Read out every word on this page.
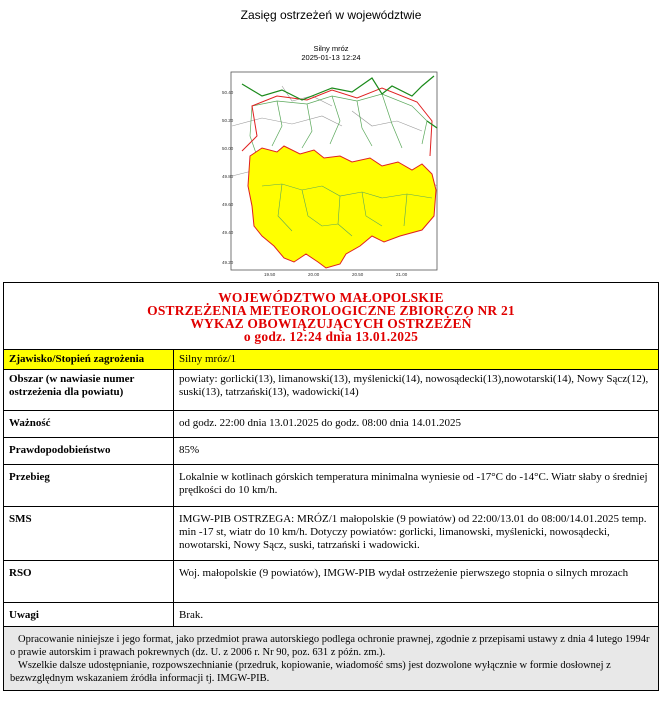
Zasięg ostrzeżeń w województwie
Silny mróz
2025-01-13 12:24
50.40
50.20
50.00
49.80
49.60
49.40
49.20
19.50	20.00	20.50	21.00
WOJEWÓDZTWO MAŁOPOLSKIE
OSTRZEŻENIA METEOROLOGICZNE ZBIORCZO NR 21
WYKAZ OBOWIĄZUJĄCYCH OSTRZEŻEŃ
o godz. 12:24 dnia 13.01.2025	

Zjawisko/Stopień zagrożenia	Silny mróz/1
Obszar (w nawiasie numer ostrzeżenia dla powiatu)	powiaty: gorlicki(13), limanowski(13), myślenicki(14), nowosądecki(13),nowotarski(14), Nowy Sącz(12), suski(13), tatrzański(13), wadowicki(14)
Ważność	od godz. 22:00 dnia 13.01.2025 do godz. 08:00 dnia 14.01.2025
Prawdopodobieństwo	85%
Przebieg	Lokalnie w kotlinach górskich temperatura minimalna wyniesie od -17°C do -14°C. Wiatr słaby o średniej prędkości do 10 km/h.
SMS	IMGW-PIB OSTRZEGA: MRÓZ/1 małopolskie (9 powiatów) od 22:00/13.01 do 08:00/14.01.2025 temp. min -17 st, wiatr do 10 km/h. Dotyczy powiatów: gorlicki, limanowski, myślenicki, nowosądecki, nowotarski, Nowy Sącz, suski, tatrzański i wadowicki.
RSO	Woj. małopolskie (9 powiatów), IMGW-PIB wydał ostrzeżenie pierwszego stopnia o silnych mrozach
Uwagi	Brak.

Opracowanie niniejsze i jego format, jako przedmiot prawa autorskiego podlega ochronie prawnej, zgodnie z przepisami ustawy z dnia 4 lutego 1994r o prawie autorskim i prawach pokrewnych (dz. U. z 2006 r. Nr 90, poz. 631 z późn. zm.).

Wszelkie dalsze udostępnianie, rozpowszechnianie (przedruk, kopiowanie, wiadomość sms) jest dozwolone wyłącznie w formie dosłownej z bezwzględnym wskazaniem źródła informacji tj. IMGW-PIB.	
